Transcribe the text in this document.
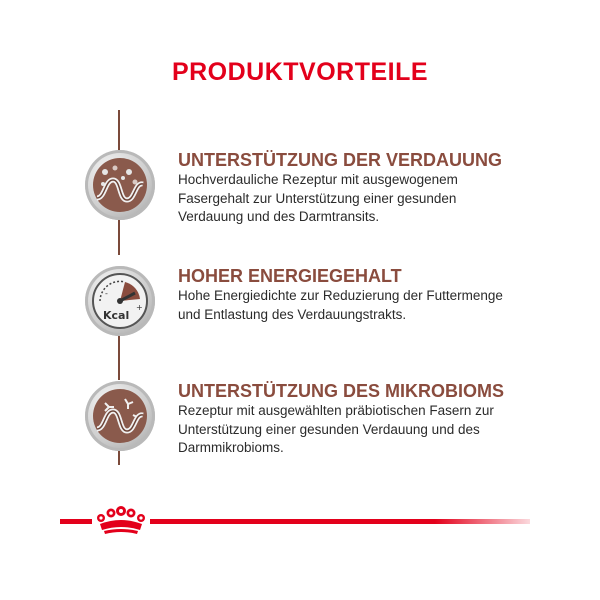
PRODUKTVORTEILE
UNTERSTÜTZUNG DER VERDAUUNG
Hochverdauliche Rezeptur mit ausgewogenem
Fasergehalt zur Unterstützung einer gesunden
Verdauung und des Darmtransits.
-
+
Kcal
HOHER ENERGIEGEHALT
Hohe Energiedichte zur Reduzierung der Futtermenge
und Entlastung des Verdauungstrakts.
UNTERSTÜTZUNG DES MIKROBIOMS
Rezeptur mit ausgewählten präbiotischen Fasern zur
Unterstützung einer gesunden Verdauung und des
Darmmikrobioms.
